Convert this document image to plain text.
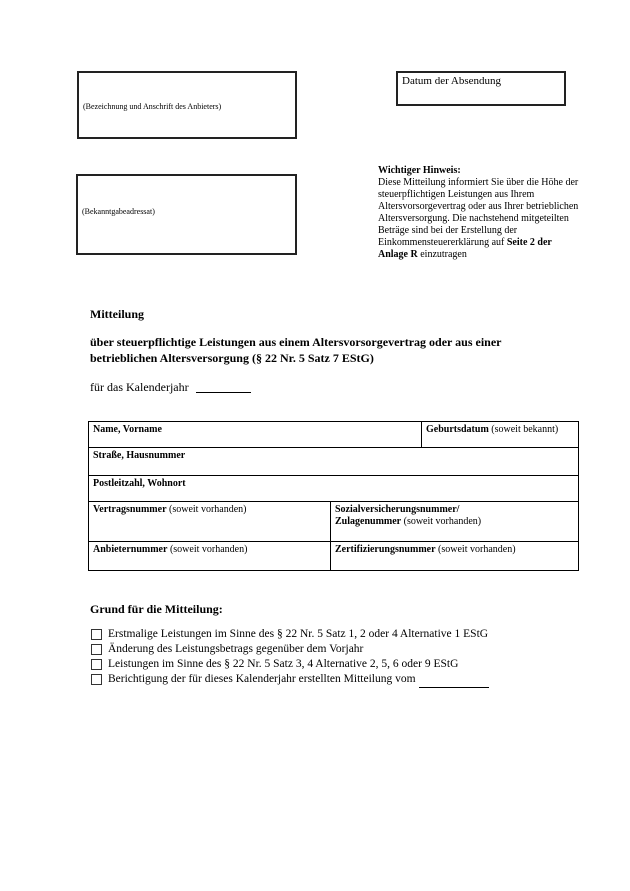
(Bezeichnung und Anschrift des Anbieters)
Datum der Absendung
(Bekanntgabeadressat)
Wichtiger Hinweis:
Diese Mitteilung informiert Sie über die Höhe der steuerpflichtigen Leistungen aus Ihrem Altersvorsorgevertrag oder aus Ihrer betrieblichen Altersversorgung. Die nachstehend mitgeteilten Beträge sind bei der Erstellung der Einkommensteuererklärung auf Seite 2 der Anlage R einzutragen
Mitteilung
über steuerpflichtige Leistungen aus einem Altersvorsorgevertrag oder aus einer
betrieblichen Altersversorgung (§ 22 Nr. 5 Satz 7 EStG)
für das Kalenderjahr
Name, Vorname	Geburtsdatum (soweit bekannt)
Straße, Hausnummer
Postleitzahl, Wohnort
Vertragsnummer (soweit vorhanden)	Sozialversicherungsnummer/
Zulagenummer (soweit vorhanden)
Anbieternummer (soweit vorhanden)	Zertifizierungsnummer (soweit vorhanden)
Grund für die Mitteilung:
Erstmalige Leistungen im Sinne des § 22 Nr. 5 Satz 1, 2 oder 4 Alternative 1 EStG
Änderung des Leistungsbetrags gegenüber dem Vorjahr
Leistungen im Sinne des § 22 Nr. 5 Satz 3, 4 Alternative 2, 5, 6 oder 9 EStG
Berichtigung der für dieses Kalenderjahr erstellten Mitteilung vom
